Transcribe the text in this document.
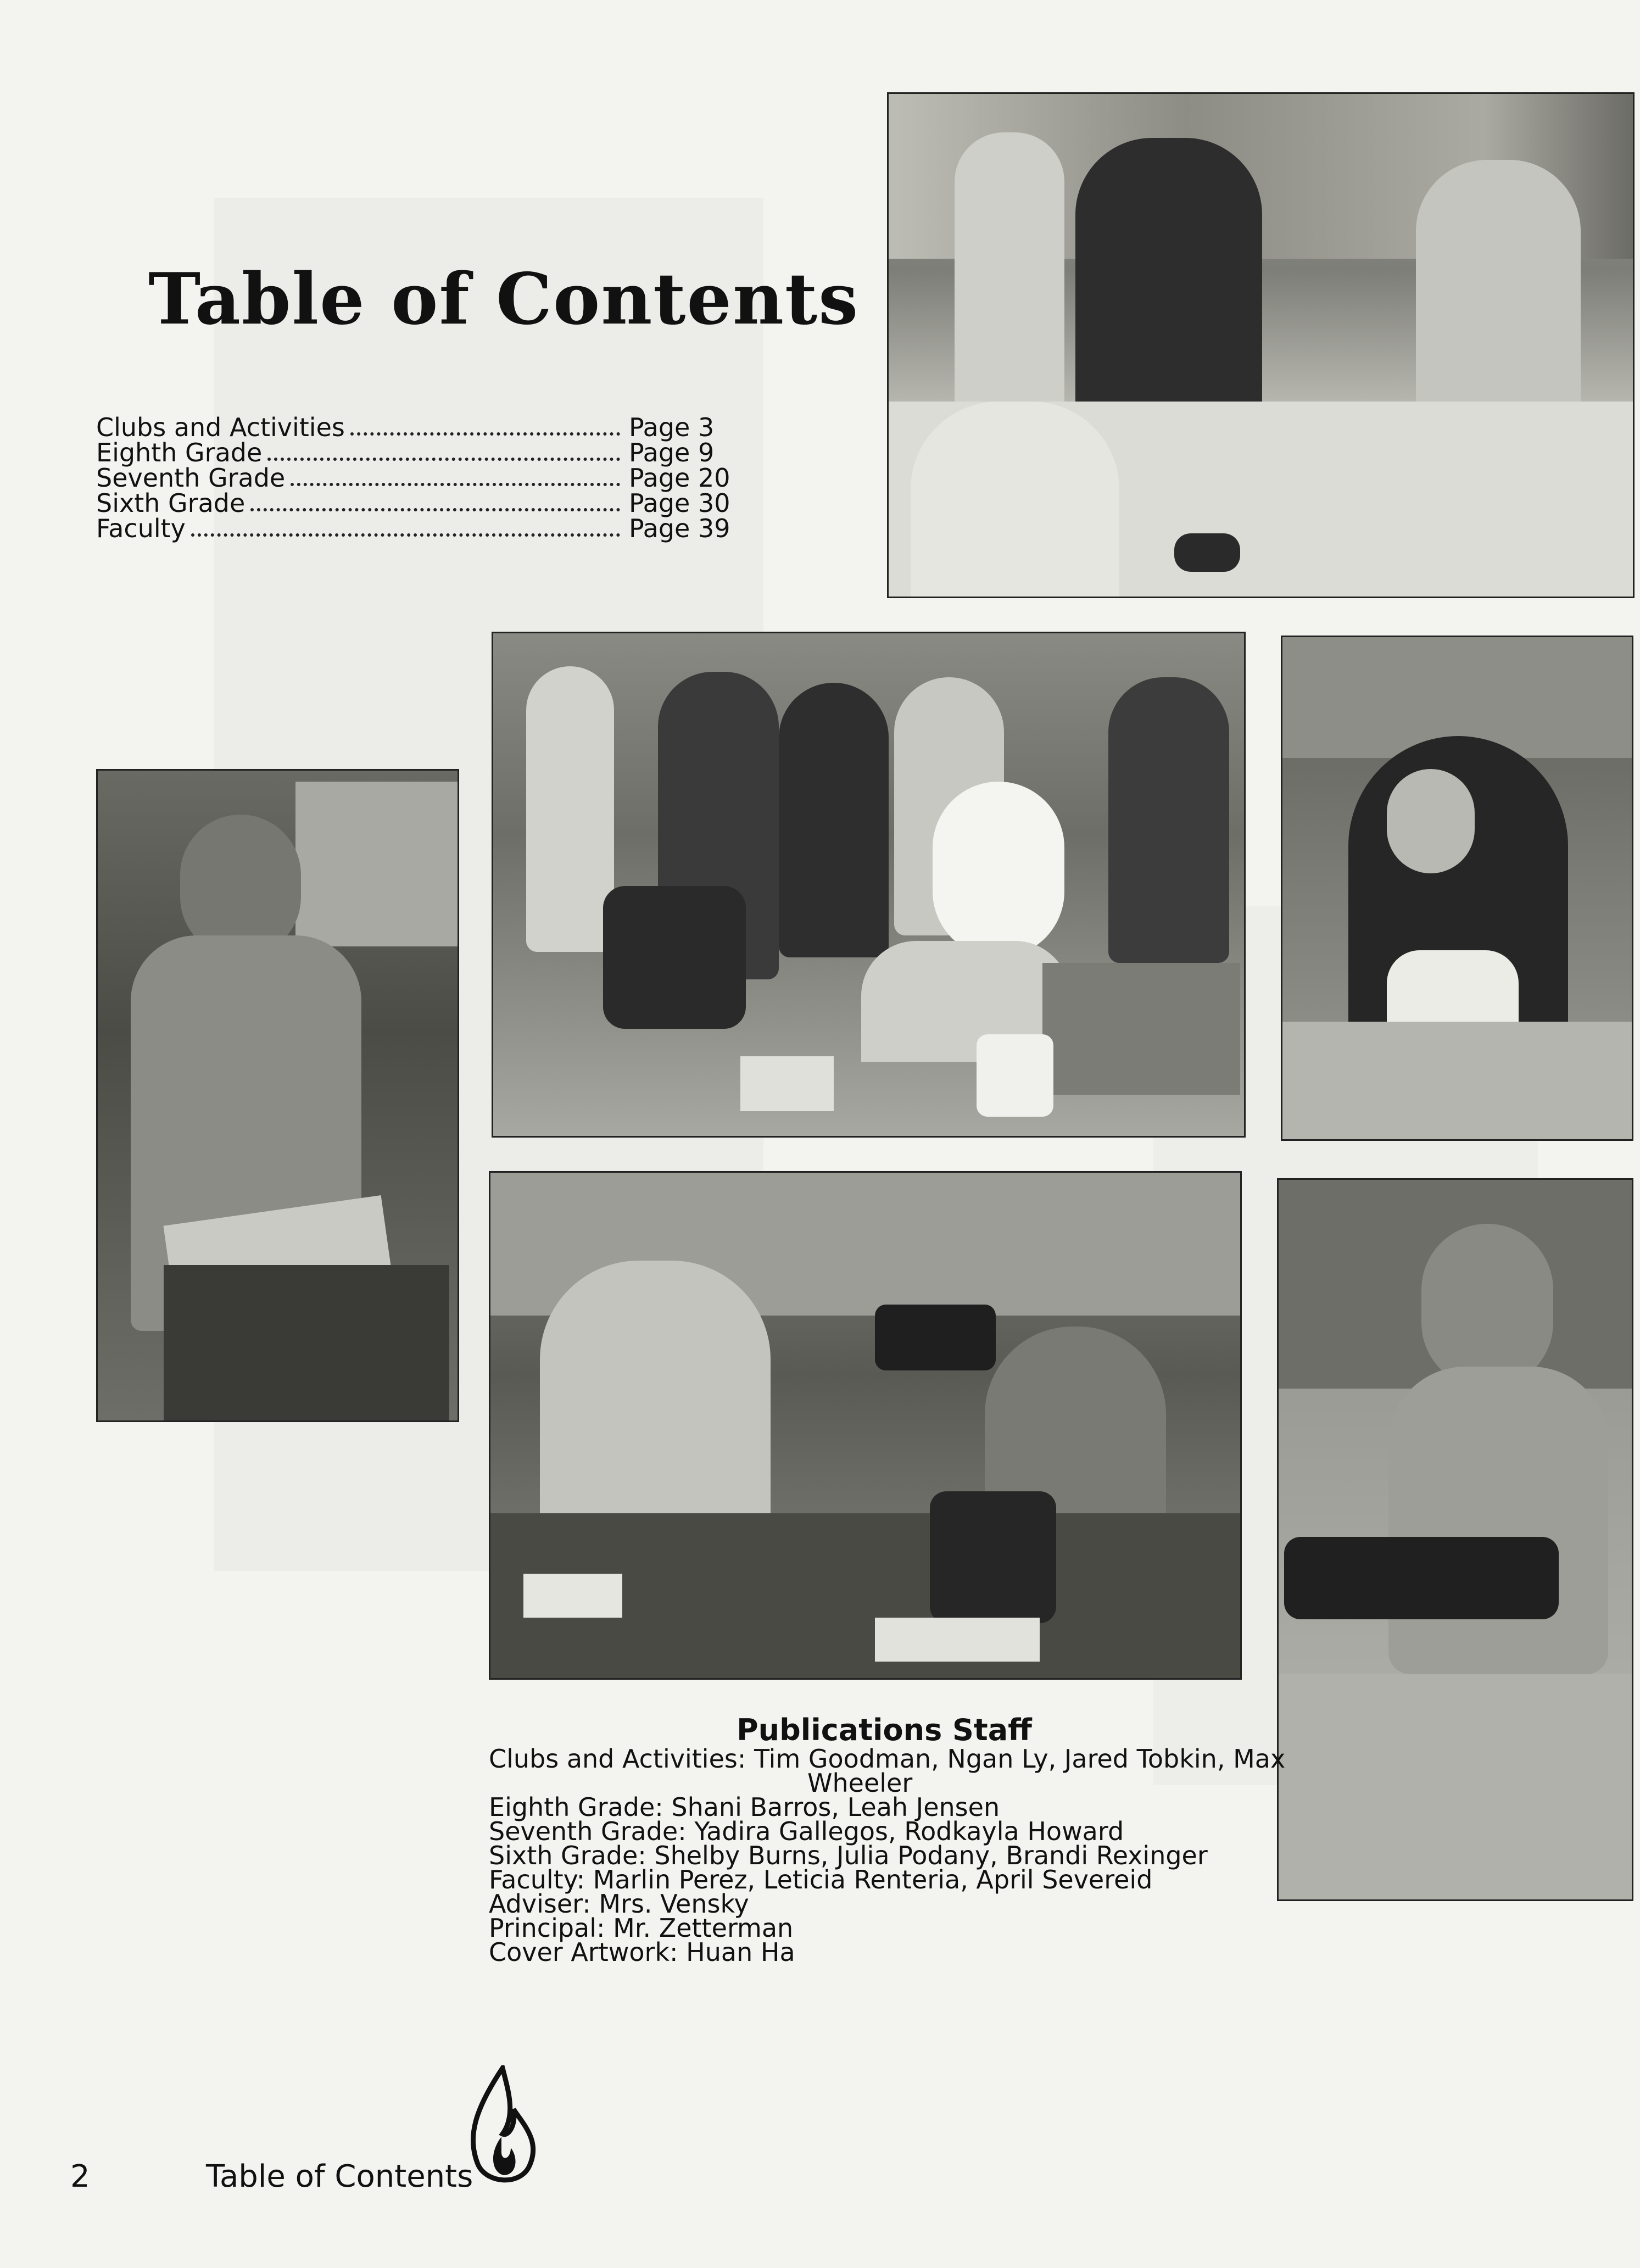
Table of Contents
Clubs and Activities	Page 3
Eighth Grade	Page 9
Seventh Grade	Page 20
Sixth Grade	Page 30
Faculty	Page 39
Publications Staff
Clubs and Activities: Tim Goodman, Ngan Ly, Jared Tobkin, Max
Wheeler
Eighth Grade: Shani Barros, Leah Jensen
Seventh Grade: Yadira Gallegos, Rodkayla Howard
Sixth Grade: Shelby Burns, Julia Podany, Brandi Rexinger
Faculty: Marlin Perez, Leticia Renteria, April Severeid
Adviser: Mrs. Vensky
Principal: Mr. Zetterman
Cover Artwork: Huan Ha
2	Table of Contents
